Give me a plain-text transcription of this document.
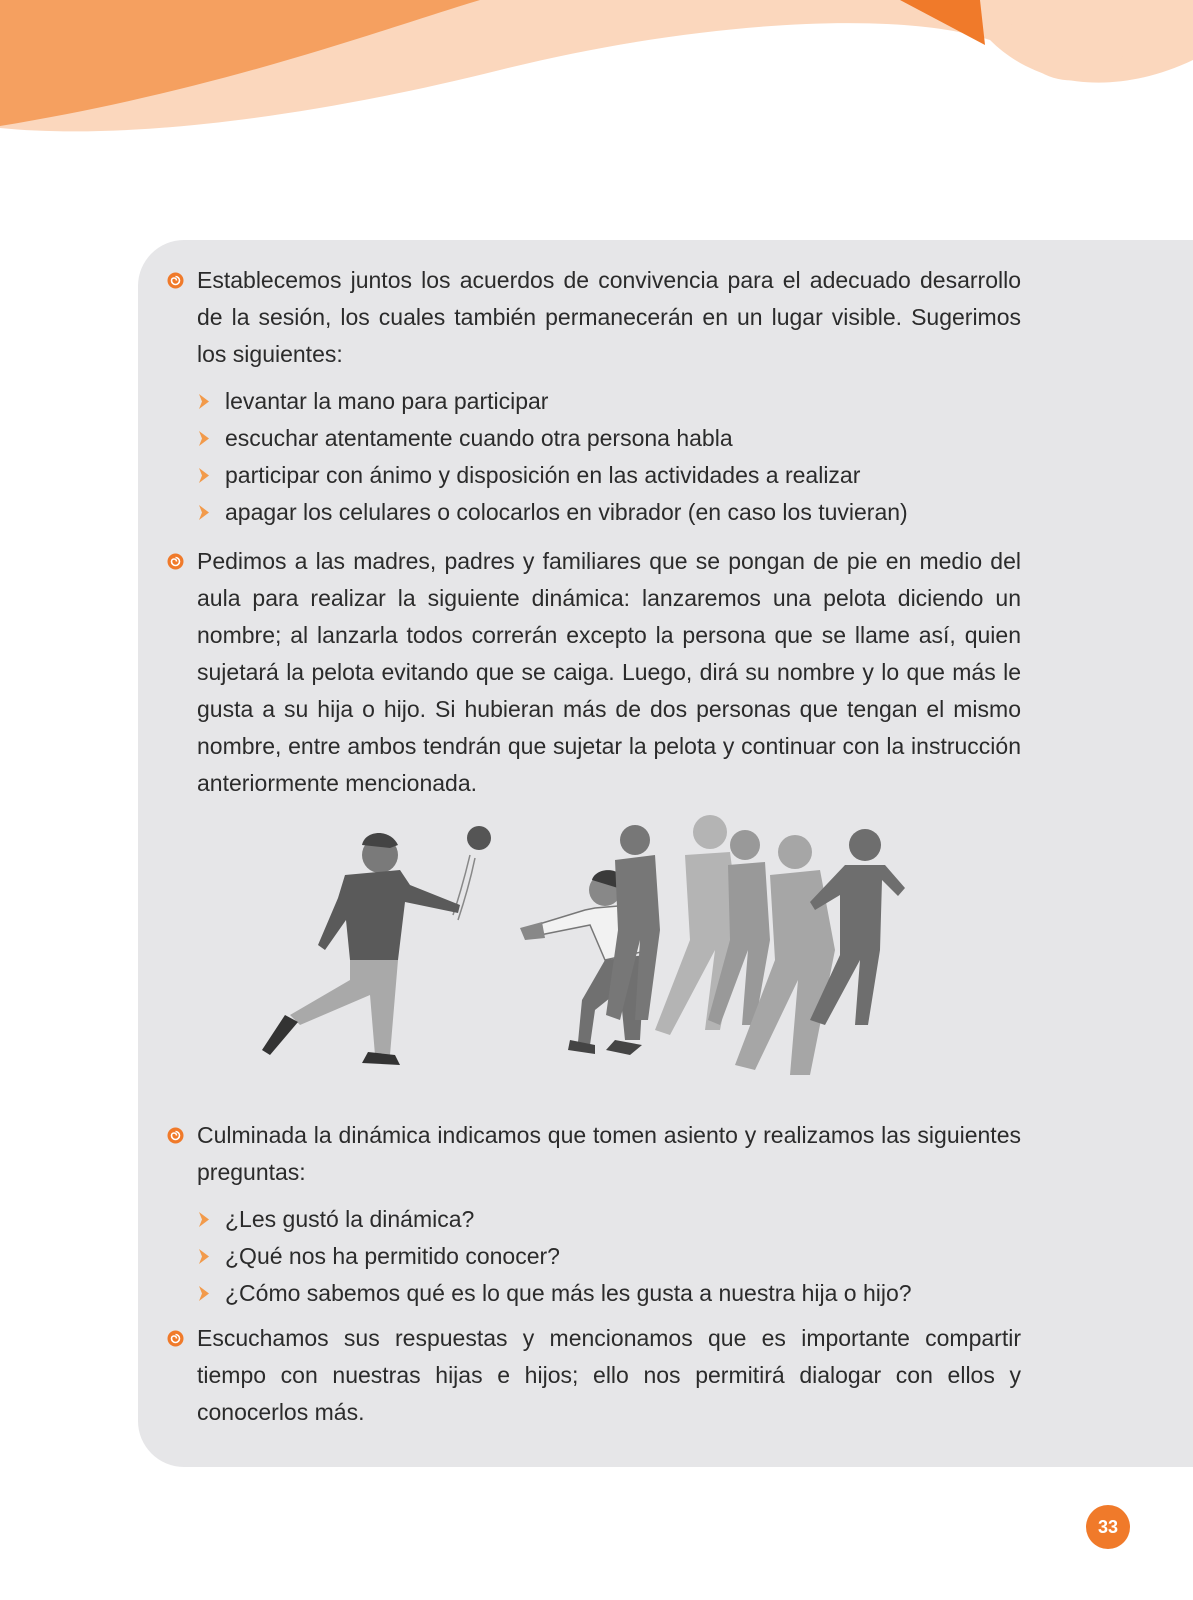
Establecemos juntos los acuerdos de convivencia para el adecuado desarrollo de la sesión, los cuales también permanecerán en un lugar visible. Sugerimos los siguientes:

levantar la mano para participar
escuchar atentamente cuando otra persona habla
participar con ánimo y disposición en las actividades a realizar
apagar los celulares o colocarlos en vibrador (en caso los tuvieran)

Pedimos a las madres, padres y familiares que se pongan de pie en medio del aula para realizar la siguiente dinámica: lanzaremos una pelota diciendo un nombre; al lanzarla todos correrán excepto la persona que se llame así, quien sujetará la pelota evitando que se caiga. Luego, dirá su nombre y lo que más le gusta a su hija o hijo. Si hubieran más de dos personas que tengan el mismo nombre, entre ambos tendrán que sujetar la pelota y continuar con la instrucción anteriormente mencionada.

Culminada la dinámica indicamos que tomen asiento y realizamos las siguientes preguntas:

¿Les gustó la dinámica?
¿Qué nos ha permitido conocer?
¿Cómo sabemos qué es lo que más les gusta a nuestra hija o hijo?

Escuchamos sus respuestas y mencionamos que es importante compartir tiempo con nuestras hijas e hijos; ello nos permitirá dialogar con ellos y conocerlos más.

33
